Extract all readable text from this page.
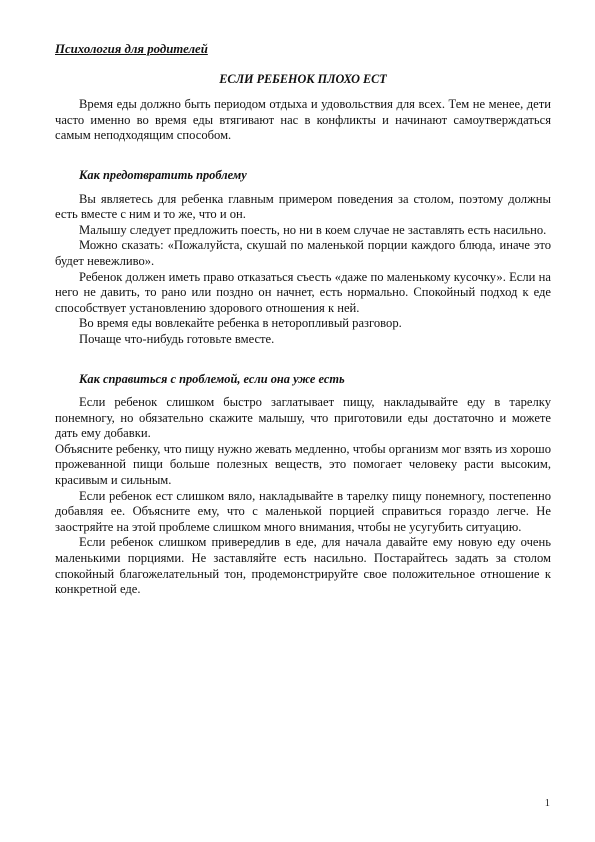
Психология для родителей
ЕСЛИ РЕБЕНОК ПЛОХО ЕСТ

Время еды должно быть периодом отдыха и удовольствия для всех. Тем не менее, дети часто именно во время еды втягивают нас в конфликты и начинают самоутверждаться самым неподходящим способом.

Как предотвратить проблему

Вы являетесь для ребенка главным примером поведения за столом, поэтому должны есть вместе с ним и то же, что и он.

Малышу следует предложить поесть, но ни в коем случае не заставлять есть насильно.

Можно сказать: «Пожалуйста, скушай по маленькой порции каждого блюда, иначе это будет невежливо».

Ребенок должен иметь право отказаться съесть «даже по маленькому кусочку». Если на него не давить, то рано или поздно он начнет, есть нормально. Спокойный подход к еде способствует установлению здорового отношения к ней.

Во время еды вовлекайте ребенка в неторопливый разговор.

Почаще что-нибудь готовьте вместе.

Как справиться с проблемой, если она уже есть

Если ребенок слишком быстро заглатывает пищу, накладывайте еду в тарелку понемногу, но обязательно скажите малышу, что приготовили еды достаточно и можете дать ему добавки.

Объясните ребенку, что пищу нужно жевать медленно, чтобы организм мог взять из хорошо прожеванной пищи больше полезных веществ, это помогает человеку расти высоким, красивым и сильным.

Если ребенок ест слишком вяло, накладывайте в тарелку пищу понемногу, постепенно добавляя ее. Объясните ему, что с маленькой порцией справиться гораздо легче. Не заостряйте на этой проблеме слишком много внимания, чтобы не усугубить ситуацию.

Если ребенок слишком привередлив в еде, для начала давайте ему новую еду очень маленькими порциями. Не заставляйте есть насильно. Постарайтесь задать за столом спокойный благожелательный тон, продемонстрируйте свое положительное отношение к конкретной еде.

1
